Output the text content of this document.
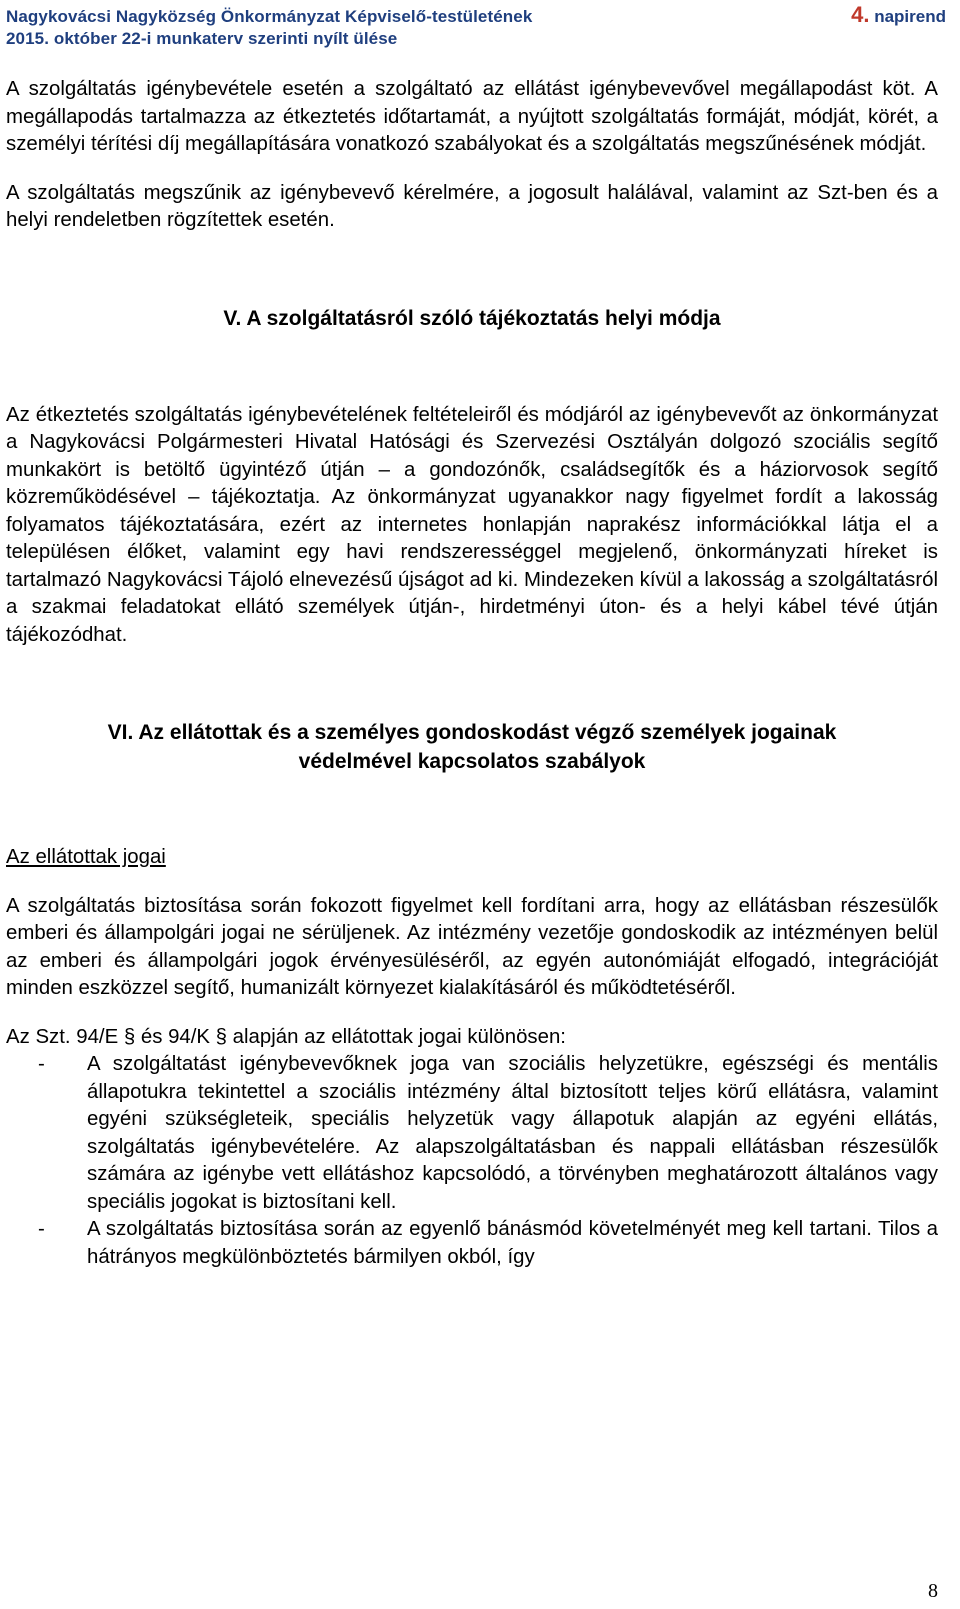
Nagykovácsi Nagyközség Önkormányzat Képviselő-testületének	4. napirend
2015. október 22-i munkaterv szerinti nyílt ülése

A szolgáltatás igénybevétele esetén a szolgáltató az ellátást igénybevevővel megállapodást köt. A megállapodás tartalmazza az étkeztetés időtartamát, a nyújtott szolgáltatás formáját, módját, körét, a személyi térítési díj megállapítására vonatkozó szabályokat és a szolgáltatás megszűnésének módját.

A szolgáltatás megszűnik az igénybevevő kérelmére, a jogosult halálával, valamint az Szt-ben és a helyi rendeletben rögzítettek esetén.

V. A szolgáltatásról szóló tájékoztatás helyi módja

Az étkeztetés szolgáltatás igénybevételének feltételeiről és módjáról az igénybevevőt az önkormányzat a Nagykovácsi Polgármesteri Hivatal Hatósági és Szervezési Osztályán dolgozó szociális segítő munkakört is betöltő ügyintéző útján – a gondozónők, családsegítők és a háziorvosok segítő közreműködésével – tájékoztatja. Az önkormányzat ugyanakkor nagy figyelmet fordít a lakosság folyamatos tájékoztatására, ezért az internetes honlapján naprakész információkkal látja el a településen élőket, valamint egy havi rendszerességgel megjelenő, önkormányzati híreket is tartalmazó Nagykovácsi Tájoló elnevezésű újságot ad ki. Mindezeken kívül a lakosság a szolgáltatásról a szakmai feladatokat ellátó személyek útján-, hirdetményi úton- és a helyi kábel tévé útján tájékozódhat.

VI. Az ellátottak és a személyes gondoskodást végző személyek jogainak
védelmével kapcsolatos szabályok
Az ellátottak jogai

A szolgáltatás biztosítása során fokozott figyelmet kell fordítani arra, hogy az ellátásban részesülők emberi és állampolgári jogai ne sérüljenek. Az intézmény vezetője gondoskodik az intézményen belül az emberi és állampolgári jogok érvényesüléséről, az egyén autonómiáját elfogadó, integrációját minden eszközzel segítő, humanizált környezet kialakításáról és működtetéséről.

Az Szt. 94/E § és 94/K § alapján az ellátottak jogai különösen:

- A szolgáltatást igénybevevőknek joga van szociális helyzetükre, egészségi és mentális állapotukra tekintettel a szociális intézmény által biztosított teljes körű ellátásra, valamint egyéni szükségleteik, speciális helyzetük vagy állapotuk alapján az egyéni ellátás, szolgáltatás igénybevételére. Az alapszolgáltatásban és nappali ellátásban részesülők számára az igénybe vett ellátáshoz kapcsolódó, a törvényben meghatározott általános vagy speciális jogokat is biztosítani kell.
- A szolgáltatás biztosítása során az egyenlő bánásmód követelményét meg kell tartani. Tilos a hátrányos megkülönböztetés bármilyen okból, így
8
